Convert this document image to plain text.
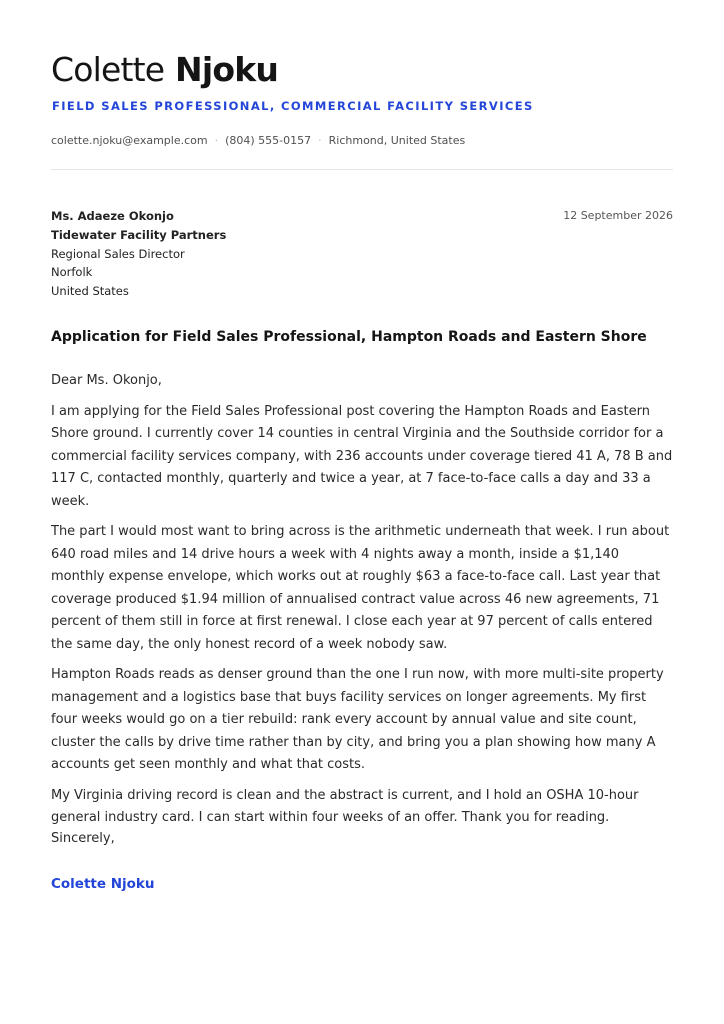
Colette Njoku
FIELD SALES PROFESSIONAL, COMMERCIAL FACILITY SERVICES
colette.njoku@example.com · (804) 555-0157 · Richmond, United States
Ms. Adaeze Okonjo
Tidewater Facility Partners
Regional Sales Director
Norfolk
United States
12 September 2026
Application for Field Sales Professional, Hampton Roads and Eastern Shore

Dear Ms. Okonjo,

I am applying for the Field Sales Professional post covering the Hampton Roads and Eastern Shore ground. I currently cover 14 counties in central Virginia and the Southside corridor for a commercial facility services company, with 236 accounts under coverage tiered 41 A, 78 B and 117 C, contacted monthly, quarterly and twice a year, at 7 face-to-face calls a day and 33 a week.

The part I would most want to bring across is the arithmetic underneath that week. I run about 640 road miles and 14 drive hours a week with 4 nights away a month, inside a $1,140 monthly expense envelope, which works out at roughly $63 a face-to-face call. Last year that coverage produced $1.94 million of annualised contract value across 46 new agreements, 71 percent of them still in force at first renewal. I close each year at 97 percent of calls entered the same day, the only honest record of a week nobody saw.

Hampton Roads reads as denser ground than the one I run now, with more multi-site property management and a logistics base that buys facility services on longer agreements. My first four weeks would go on a tier rebuild: rank every account by annual value and site count, cluster the calls by drive time rather than by city, and bring you a plan showing how many A accounts get seen monthly and what that costs.

My Virginia driving record is clean and the abstract is current, and I hold an OSHA 10-hour general industry card. I can start within four weeks of an offer. Thank you for reading.

Sincerely,
Colette Njoku
